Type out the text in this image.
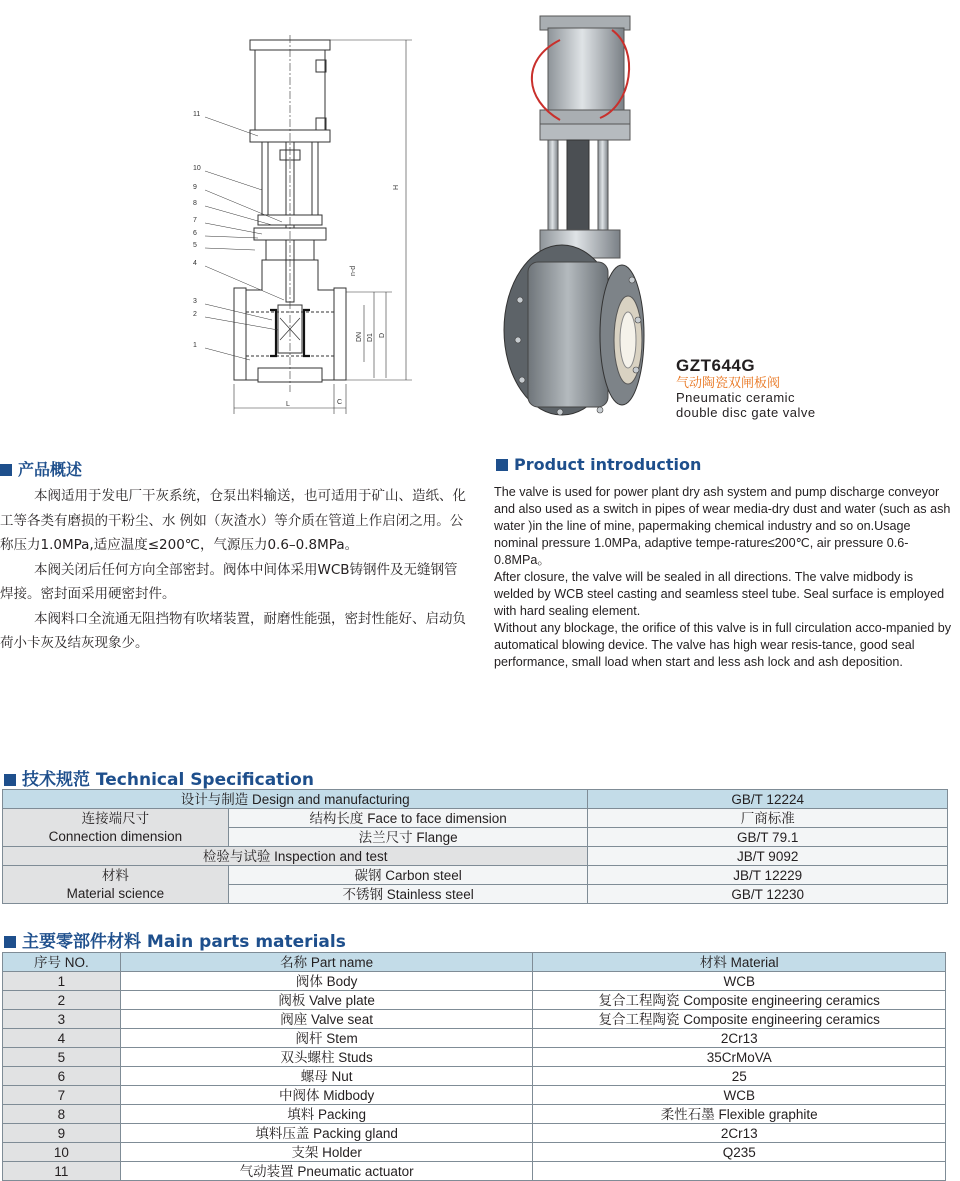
11
10
9
8
7
6
5
4
3
2
1
H
n-d
DN D1 D
L	C
GZT644G
气动陶瓷双闸板阀
Pneumatic ceramic
double disc gate valve
产品概述	Product introduction

本阀适用于发电厂干灰系统，仓泵出料输送，也可适用于矿山、造纸、化工等各类有磨损的干粉尘、水 例如（灰渣水）等介质在管道上作启闭之用。公称压力1.0MPa,适应温度≤200℃，气源压力0.6–0.8MPa。

本阀关闭后任何方向全部密封。阀体中间体采用WCB铸钢件及无缝钢管焊接。密封面采用硬密封件。

本阀料口全流通无阻挡物有吹堵装置，耐磨性能强，密封性能好、启动负荷小卡灰及结灰现象少。

The valve is used for power plant dry ash system and pump discharge conveyor and also used as a switch in pipes of wear media-dry dust and water (such as ash water )in the line of mine, papermaking chemical industry and so on.Usage nominal pressure 1.0MPa, adaptive tempe-rature≤200℃, air pressure 0.6-0.8MPa。

After closure, the valve will be sealed in all directions. The valve midbody is welded by WCB steel casting and seamless steel tube. Seal surface is employed with hard sealing element.

Without any blockage, the orifice of this valve is in full circulation acco-mpanied by automatical blowing device. The valve has high wear resis-tance, good seal performance, small load when start and less ash lock and ash deposition.

技术规范 Technical Specification
设计与制造 Design and manufacturing		GB/T 12224

连接端尺寸
Connection dimension	结构长度 Face to face dimension	厂商标准
	法兰尺寸 Flange	GB/T 79.1
检验与试验 Inspection and test		JB/T 9092

材料
Material science	碳钢 Carbon steel	JB/T 12229
	不锈钢 Stainless steel	GB/T 12230
主要零部件材料 Main parts materials
序号 NO.	名称 Part name	材料 Material
1	阀体 Body	WCB
2	阀板 Valve plate	复合工程陶瓷 Composite engineering ceramics
3	阀座 Valve seat	复合工程陶瓷 Composite engineering ceramics
4	阀杆 Stem	2Cr13
5	双头螺柱 Studs	35CrMoVA
6	螺母 Nut	25
7	中阀体 Midbody	WCB
8	填料 Packing	柔性石墨 Flexible graphite
9	填料压盖 Packing gland	2Cr13
10	支架 Holder	Q235
11	气动装置 Pneumatic actuator	
